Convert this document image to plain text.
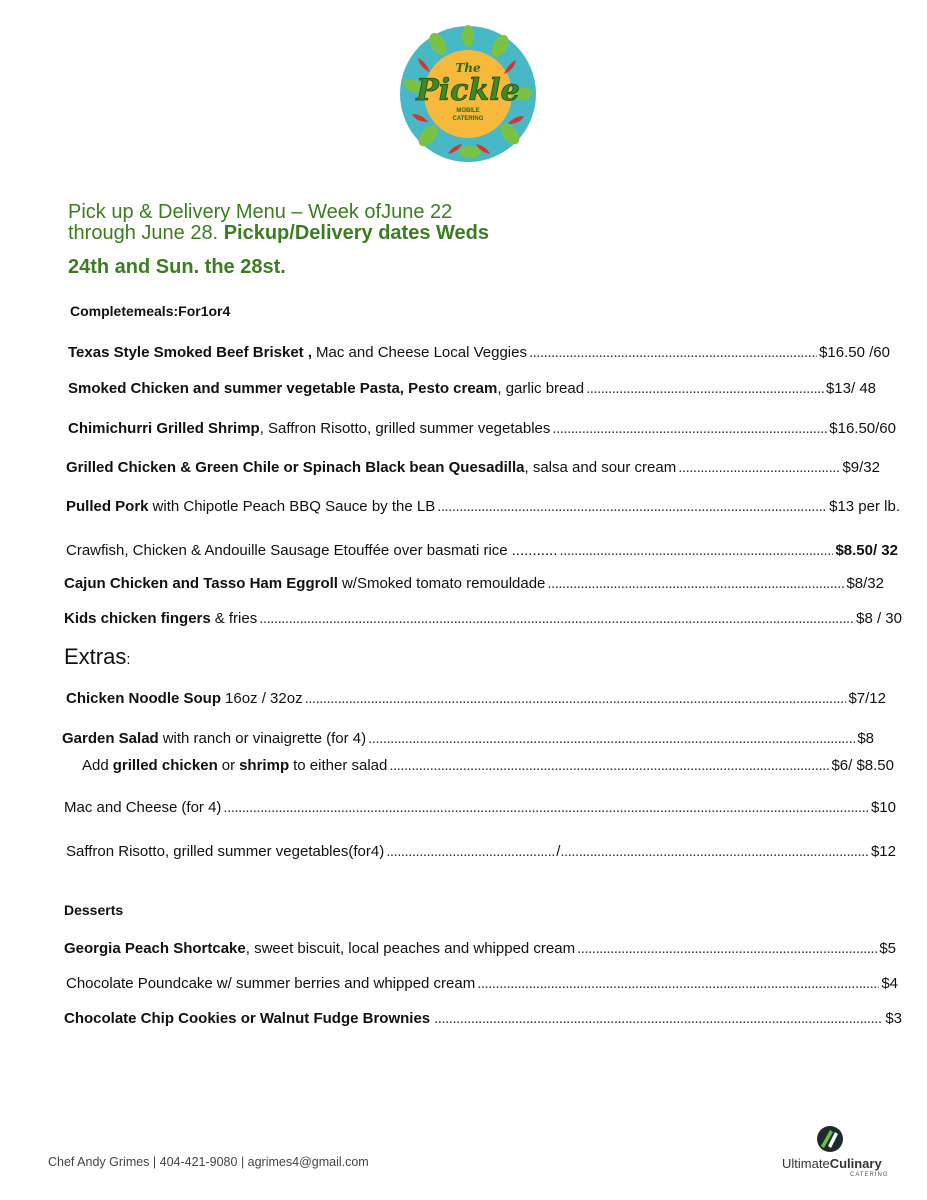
The
Pickle
MOBILE
CATERING
Pick up & Delivery Menu – Week ofJune 22
through June 28. Pickup/Delivery dates Weds
24th and Sun. the 28st.
Completemeals:For1or4
Texas Style Smoked Beef Brisket , Mac and Cheese Local Veggies .....	$16.50 /60
Smoked Chicken and summer vegetable Pasta, Pesto cream , garlic bread .....	$13/ 48
Chimichurri Grilled Shrimp , Saffron Risotto, grilled summer vegetables .....	$16.50/60
Grilled Chicken & Green Chile or Spinach Black bean Quesadilla , salsa and sour cream .....	$9/32
Pulled Pork with Chipotle Peach BBQ Sauce by the LB .....	$13 per lb.
Crawfish, Chicken & Andouille Sausage Etouffée over basmati rice ........... .....	$8.50/ 32
Cajun Chicken and Tasso Ham Eggroll w/Smoked tomato remouldade .....	$8/32
Kids chicken fingers & fries .....	$8 / 30
Extras:
Chicken Noodle Soup 16oz / 32oz .....	$7/12
Garden Salad with ranch or vinaigrette (for 4) .....	$8
Add grilled chicken or shrimp to either salad .....	$6/ $8.50
Mac and Cheese (for 4) .....	$10
Saffron Risotto, grilled summer vegetables(for4) .....	/ .....	$12
Desserts
Georgia Peach Shortcake , sweet biscuit, local peaches and whipped cream .....	$5
Chocolate Poundcake w/ summer berries and whipped cream .....	$4
Chocolate Chip Cookies or Walnut Fudge Brownies .....	$3
Chef Andy Grimes | 404-421-9080 | agrimes4@gmail.com	UltimateCulinary
CATERING
